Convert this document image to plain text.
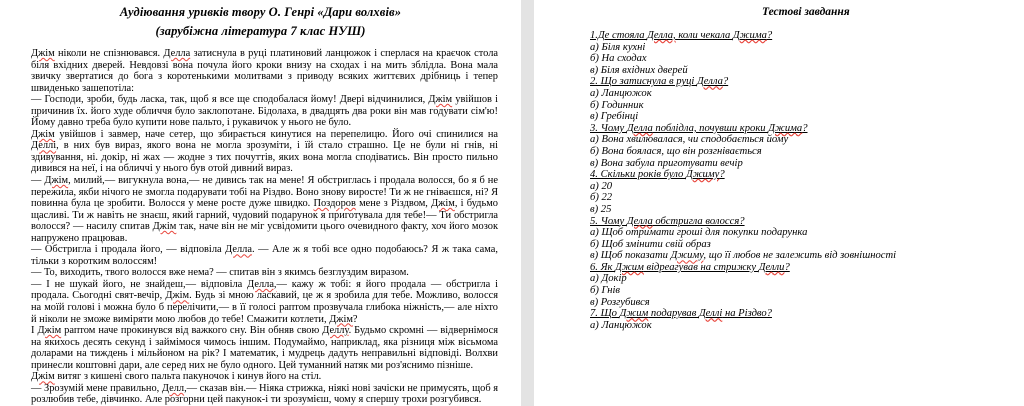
Аудіювання уривків твору О. Генрі «Дари волхвів»
(зарубіжна література 7 клас НУШ)

Джім ніколи не спізнювався. Делла затиснула в руці платиновий ланцюжок і сперлася на краєчок стола біля вхідних дверей. Невдовзі вона почула його кроки внизу на сходах і на мить зблідла. Вона мала звичку звертатися до бога з коротенькими молитвами з приводу всяких життєвих дрібниць і тепер швиденько зашепотіла:

— Господи, зроби, будь ласка, так, щоб я все ще сподобалася йому! Двері відчинилися, Джім увійшов і причинив їх. його худе обличчя було заклопотане. Бідолаха, в двадцять два роки він мав годувати сім'ю! Йому давно треба було купити нове пальто, і рукавичок у нього не було.

Джім увійшов і завмер, наче сетер, що збирається кинутися на перепелицю. Його очі спинилися на Деллі, в них був вираз, якого вона не могла зрозуміти, і їй стало страшно. Це не були ні гнів, ні здивування, ні. докір, ні жах — жодне з тих почуттів, яких вона могла сподіватись. Він просто пильно дивився на неї, і на обличчі у нього був отой дивний вираз.

— Джім, милий,— вигукнула вона,— не дивись так на мене! Я обстриглась і продала волосся, бо я б не пережила, якби нічого не змогла подарувати тобі на Різдво. Воно знову виросте! Ти ж не гніваєшся, ні? Я повинна була це зробити. Волосся у мене росте дуже швидко. Поздоров мене з Різдвом, Джім, і будьмо щасливі. Ти ж навіть не знаєш, який гарний, чудовий подарунок я приготувала для тебе!— Ти обстригла волосся? — насилу спитав Джім так, наче він не міг усвідомити цього очевидного факту, хоч його мозок напружено працював.

— Обстригла і продала його, — відповіла Делла. — Але ж я тобі все одно подобаюсь? Я ж така сама, тільки з коротким волоссям!

— То, виходить, твого волосся вже нема? — спитав він з якимсь безглуздим виразом.

— І не шукай його, не знайдеш,— відповіла Делла,— кажу ж тобі: я його продала — обстригла і продала. Сьогодні свят-вечір, Джім. Будь зі мною ласкавий, це ж я зробила для тебе. Можливо, волосся на моїй голові і можна було б перелічити,— в її голосі раптом прозвучала глибока ніжність,— але ніхто й ніколи не зможе виміряти мою любов до тебе! Смажити котлети, Джім?

І Джім раптом наче прокинувся від важкого сну. Він обняв свою Деллу. Будьмо скромні — відвернімося на якихось десять секунд і займімося чимось іншим. Подумаймо, наприклад, яка різниця між вісьмома доларами на тиждень і мільйоном на рік? І математик, і мудрець дадуть неправильні відповіді. Волхви принесли коштовні дари, але серед них не було одного. Цей туманний натяк ми роз'яснимо пізніше.

Джім витяг з кишені свого пальта пакуночок і кинув його на стіл.

— Зрозумій мене правильно, Делл,— сказав він.— Ніяка стрижка, ніякі нові зачіски не примусять, щоб я розлюбив тебе, дівчинко. Але розгорни цей пакунок-і ти зрозумієш, чому я спершу трохи розгубився.

Тестові завдання

1.Де стояла Делла, коли чекала Джима?

а) Біля кухні

б) На сходах

в) Біля вхідних дверей

2. Що затиснула в руці Делла?

а) Ланцюжок

б) Годинник

в) Гребінці

3. Чому Делла поблідла, почувши кроки Джима?

а) Вона хвилювалася, чи сподобається йому

б) Вона боялася, що він розгнівається

в) Вона забула приготувати вечір

4. Скільки років було Джиму?

а) 20

б) 22

в) 25

5. Чому Делла обстригла волосся?

а) Щоб отримати гроші для покупки подарунка

б) Щоб змінити свій образ

в) Щоб показати Джиму, що її любов не залежить від зовнішності

6. Як Джим відреагував на стрижку Делли?

а) Докір

б) Гнів

в) Розгубився

7. Що Джим подарував Деллі на Різдво?

а) Ланцюжок
